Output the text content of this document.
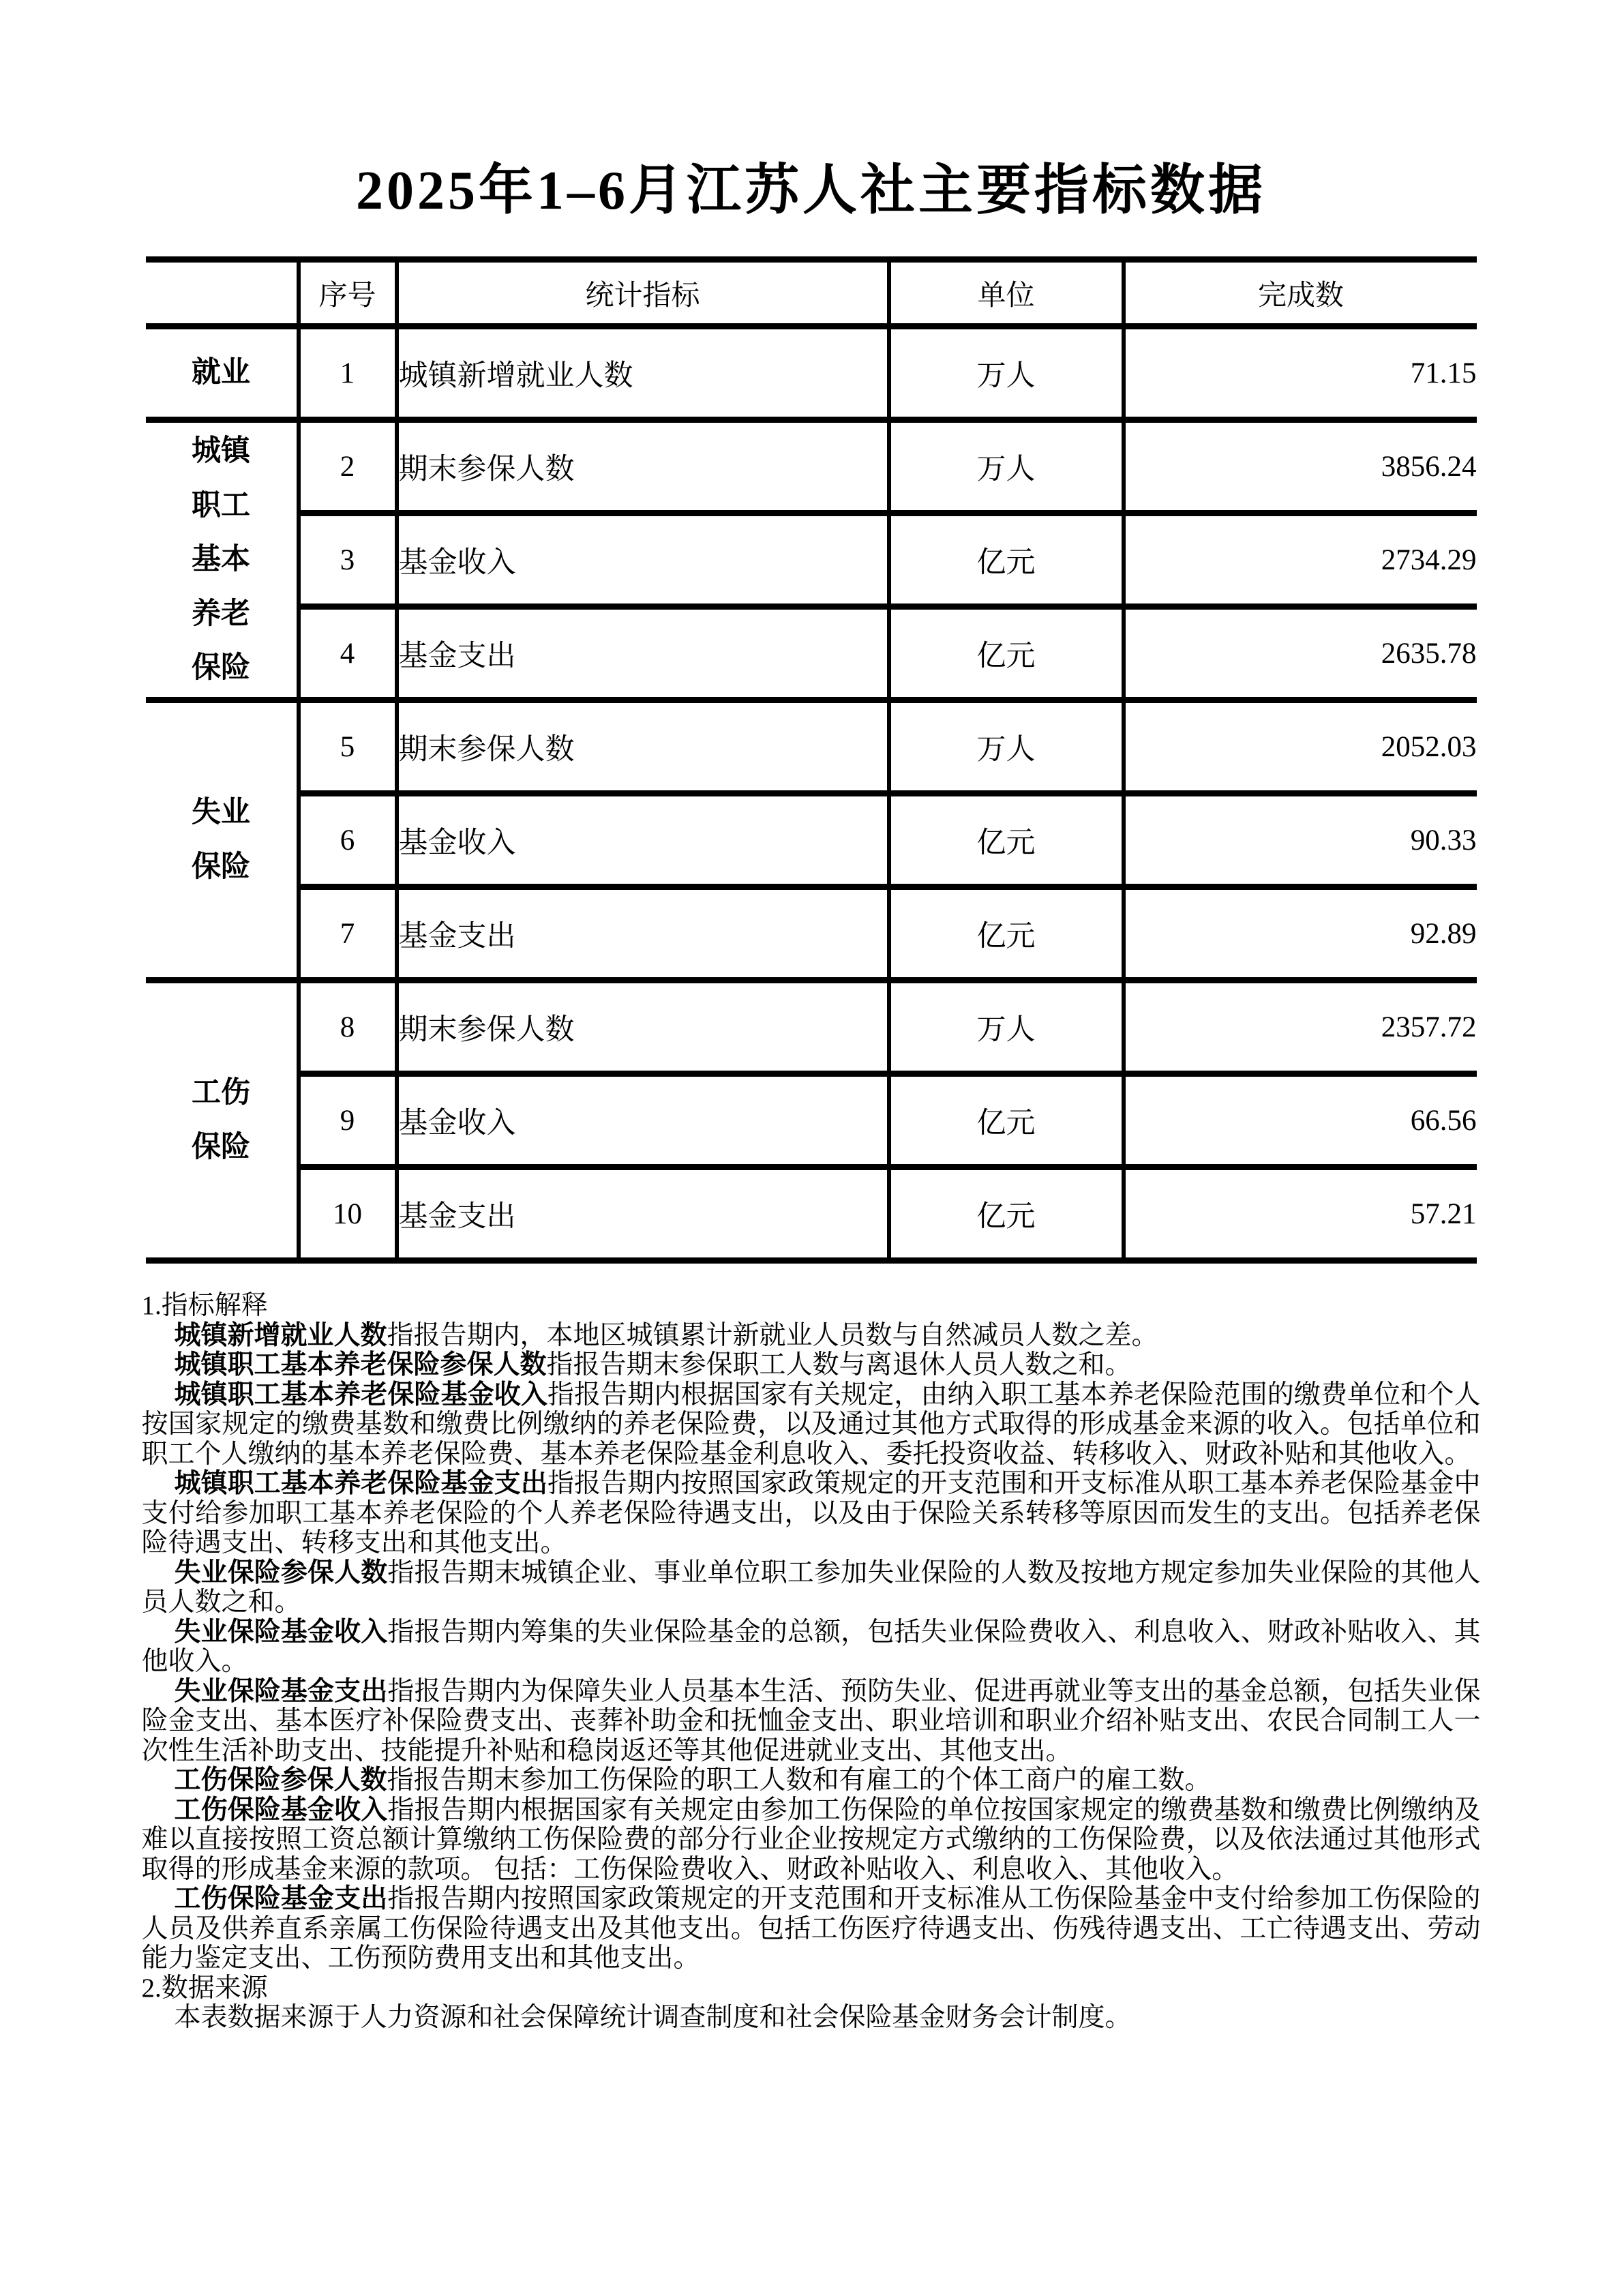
2025年1–6月江苏人社主要指标数据
	序号	统计指标	单位	完成数
就业	1	城镇新增就业人数	万人	71.15
城镇职工基本养老保险	2	期末参保人数	万人	3856.24
	3	基金收入	亿元	2734.29
	4	基金支出	亿元	2635.78
失业保险	5	期末参保人数	万人	2052.03
	6	基金收入	亿元	90.33
	7	基金支出	亿元	92.89
工伤保险	8	期末参保人数	万人	2357.72
	9	基金收入	亿元	66.56
	10	基金支出	亿元	57.21

1.指标解释

城镇新增就业人数指报告期内，本地区城镇累计新就业人员数与自然减员人数之差。

城镇职工基本养老保险参保人数指报告期末参保职工人数与离退休人员人数之和。

城镇职工基本养老保险基金收入指报告期内根据国家有关规定，由纳入职工基本养老保险范围的缴费单位和个人按国家规定的缴费基数和缴费比例缴纳的养老保险费，以及通过其他方式取得的形成基金来源的收入。包括单位和职工个人缴纳的基本养老保险费、基本养老保险基金利息收入、委托投资收益、转移收入、财政补贴和其他收入。

城镇职工基本养老保险基金支出指报告期内按照国家政策规定的开支范围和开支标准从职工基本养老保险基金中支付给参加职工基本养老保险的个人养老保险待遇支出，以及由于保险关系转移等原因而发生的支出。包括养老保险待遇支出、转移支出和其他支出。

失业保险参保人数指报告期末城镇企业、事业单位职工参加失业保险的人数及按地方规定参加失业保险的其他人员人数之和。

失业保险基金收入指报告期内筹集的失业保险基金的总额，包括失业保险费收入、利息收入、财政补贴收入、其他收入。

失业保险基金支出指报告期内为保障失业人员基本生活、预防失业、促进再就业等支出的基金总额，包括失业保险金支出、基本医疗补保险费支出、丧葬补助金和抚恤金支出、职业培训和职业介绍补贴支出、农民合同制工人一次性生活补助支出、技能提升补贴和稳岗返还等其他促进就业支出、其他支出。

工伤保险参保人数指报告期末参加工伤保险的职工人数和有雇工的个体工商户的雇工数。

工伤保险基金收入指报告期内根据国家有关规定由参加工伤保险的单位按国家规定的缴费基数和缴费比例缴纳及难以直接按照工资总额计算缴纳工伤保险费的部分行业企业按规定方式缴纳的工伤保险费，以及依法通过其他形式取得的形成基金来源的款项。 包括：工伤保险费收入、财政补贴收入、利息收入、其他收入。

工伤保险基金支出指报告期内按照国家政策规定的开支范围和开支标准从工伤保险基金中支付给参加工伤保险的人员及供养直系亲属工伤保险待遇支出及其他支出。包括工伤医疗待遇支出、伤残待遇支出、工亡待遇支出、劳动能力鉴定支出、工伤预防费用支出和其他支出。

2.数据来源

本表数据来源于人力资源和社会保障统计调查制度和社会保险基金财务会计制度。
